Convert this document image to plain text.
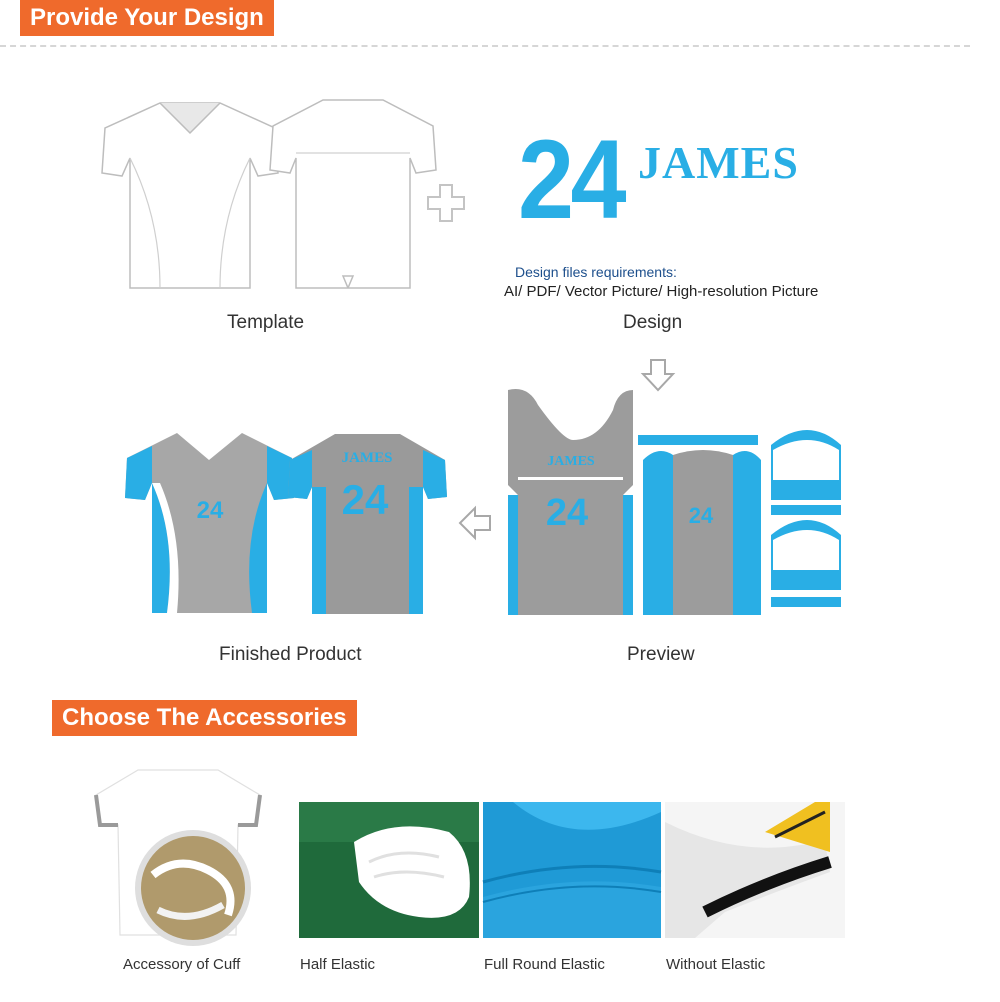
Provide Your Design
24 JAMES
Design files requirements:
AI/ PDF/ Vector Picture/ High-resolution Picture
Template	Design
JAMES
24	24
24
JAMES
24
Finished Product	Preview
Choose The Accessories
Accessory of Cuff	Half Elastic	Full Round Elastic	Without Elastic
